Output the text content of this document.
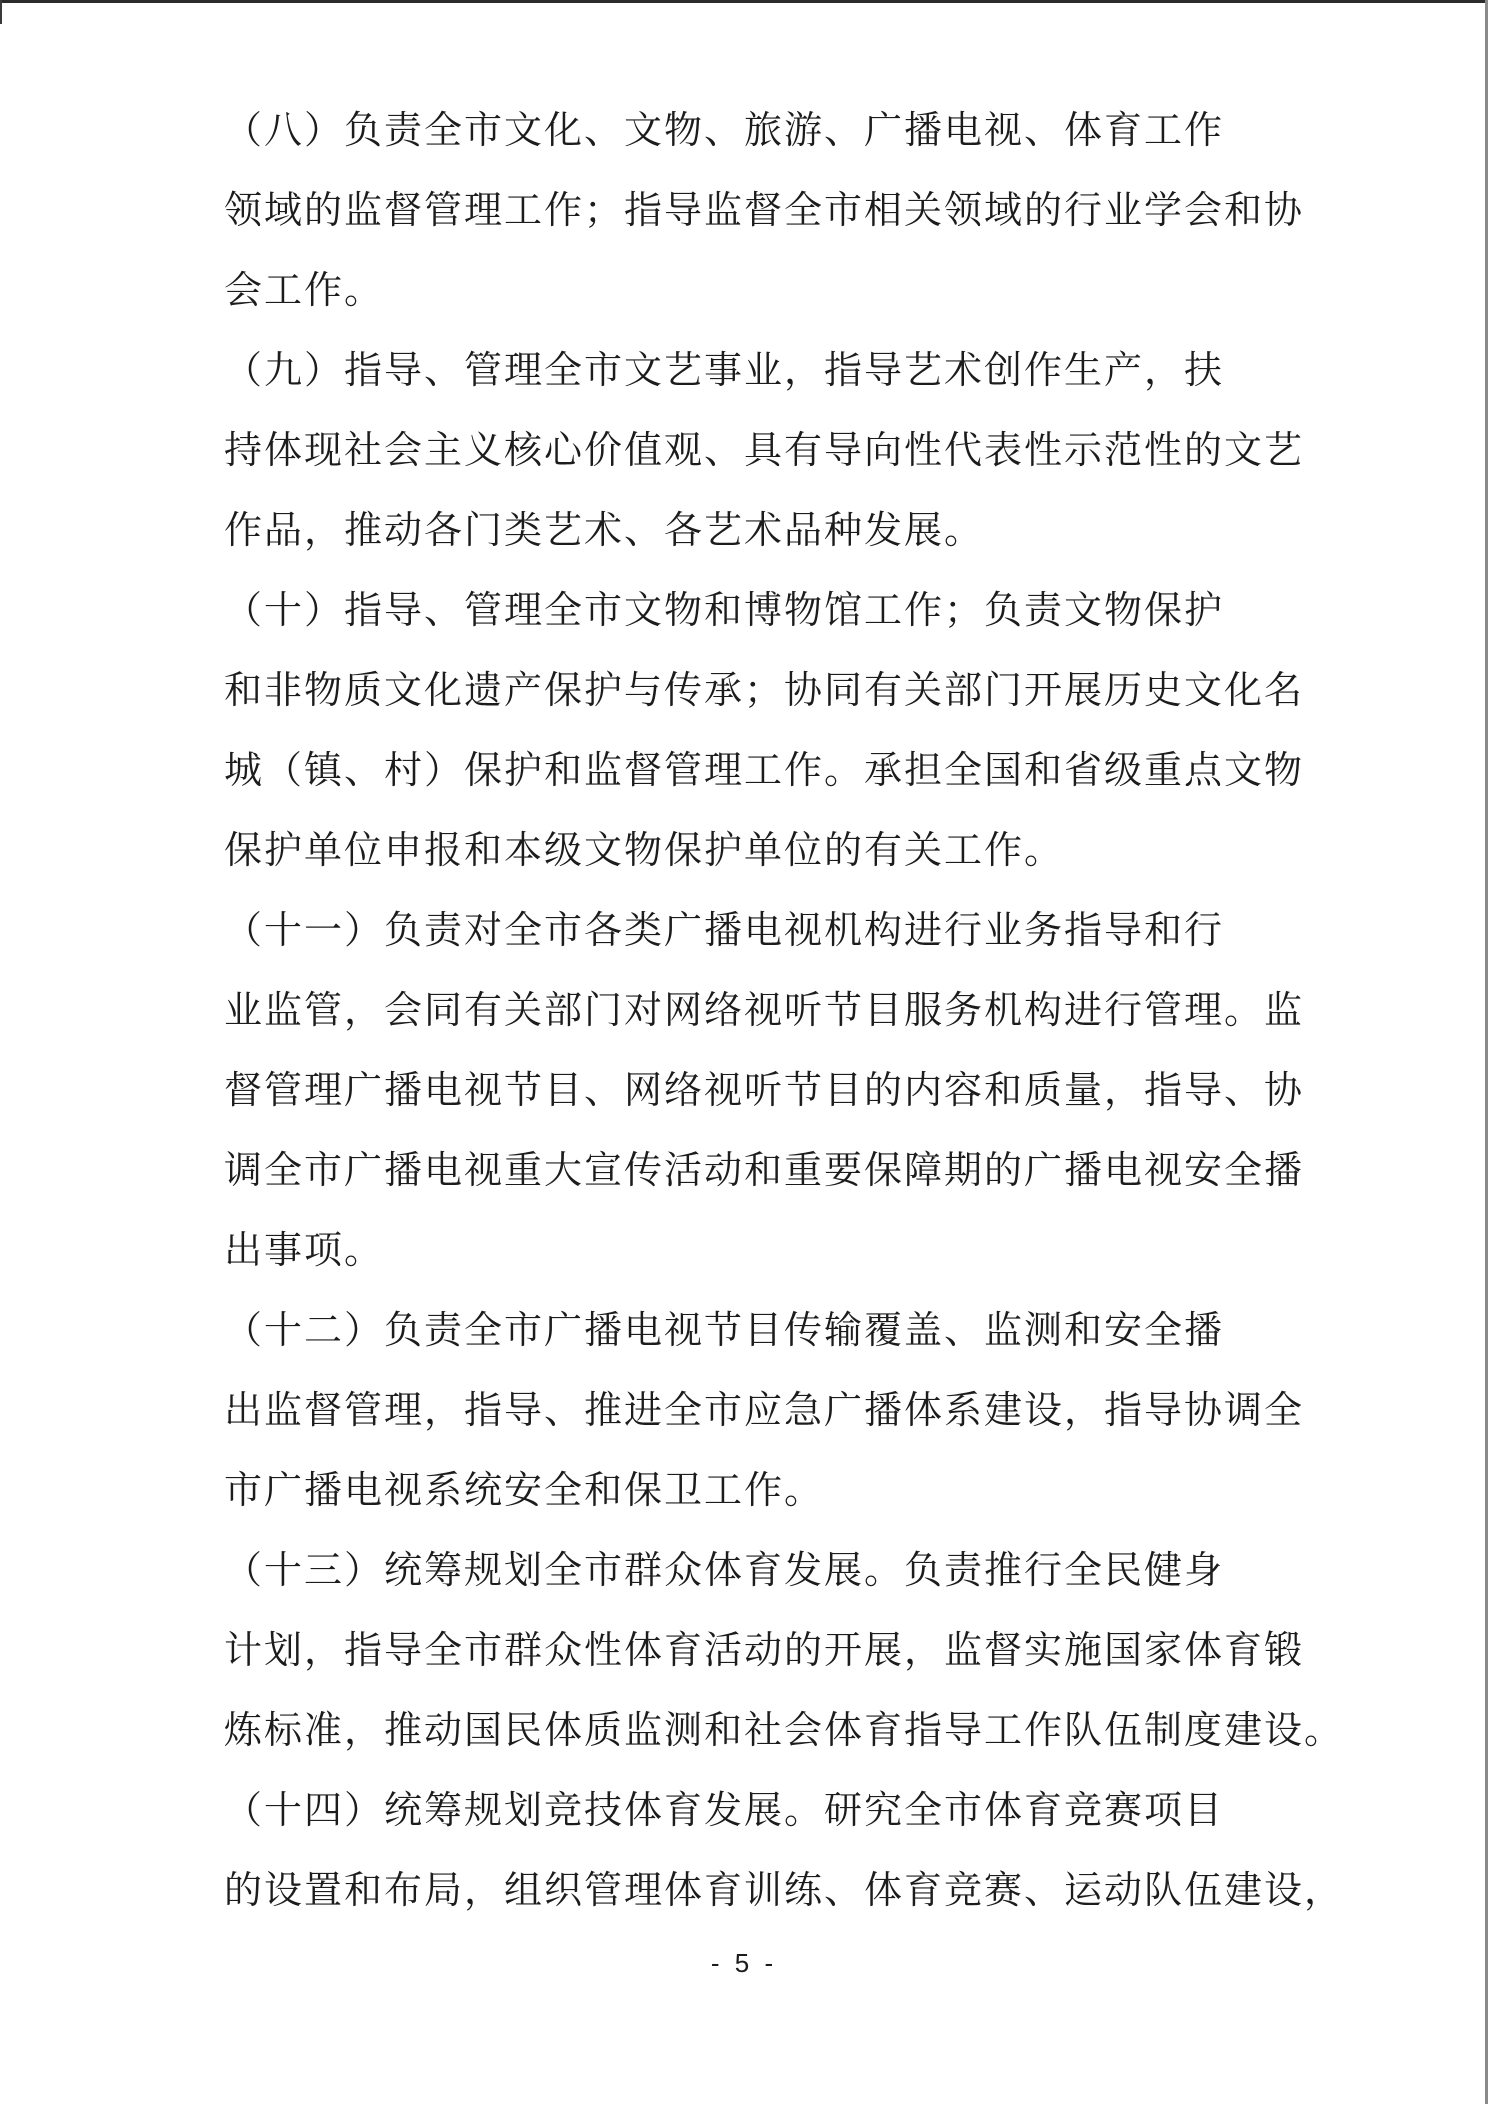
（八）负责全市文化、文物、旅游、广播电视、体育工作
领域的监督管理工作；指导监督全市相关领域的行业学会和协
会工作。
（九）指导、管理全市文艺事业，指导艺术创作生产，扶
持体现社会主义核心价值观、具有导向性代表性示范性的文艺
作品，推动各门类艺术、各艺术品种发展。
（十）指导、管理全市文物和博物馆工作；负责文物保护
和非物质文化遗产保护与传承；协同有关部门开展历史文化名
城（镇、村）保护和监督管理工作。承担全国和省级重点文物
保护单位申报和本级文物保护单位的有关工作。
（十一）负责对全市各类广播电视机构进行业务指导和行
业监管，会同有关部门对网络视听节目服务机构进行管理。监
督管理广播电视节目、网络视听节目的内容和质量，指导、协
调全市广播电视重大宣传活动和重要保障期的广播电视安全播
出事项。
（十二）负责全市广播电视节目传输覆盖、监测和安全播
出监督管理，指导、推进全市应急广播体系建设，指导协调全
市广播电视系统安全和保卫工作。
（十三）统筹规划全市群众体育发展。负责推行全民健身
计划，指导全市群众性体育活动的开展，监督实施国家体育锻
炼标准，推动国民体质监测和社会体育指导工作队伍制度建设。
（十四）统筹规划竞技体育发展。研究全市体育竞赛项目
的设置和布局，组织管理体育训练、体育竞赛、运动队伍建设，
- 5 -
